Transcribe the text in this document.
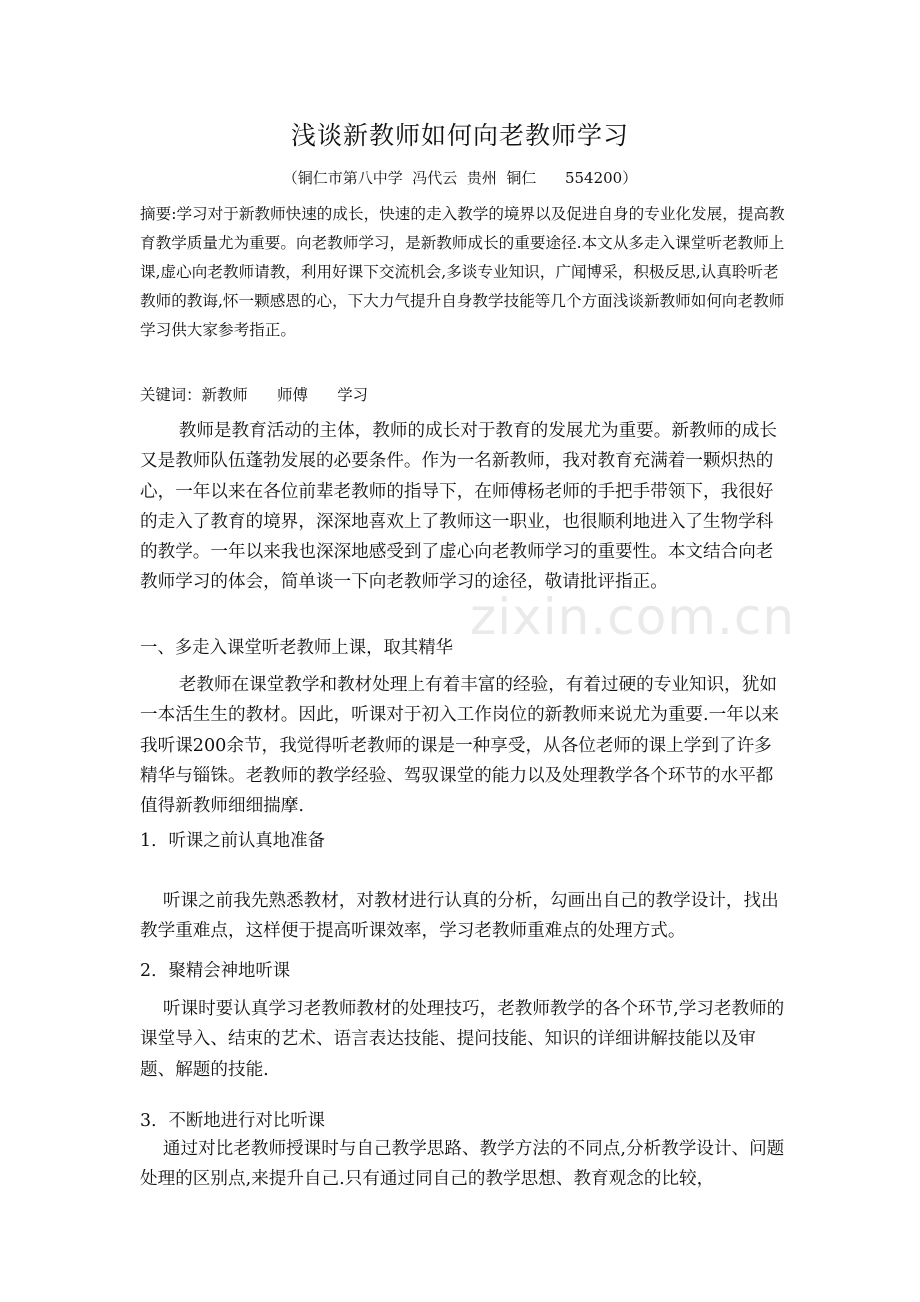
浅谈新教师如何向老教师学习
（铜仁市第八中学  冯代云  贵州  铜仁      554200）
摘要:学习对于新教师快速的成长，快速的走入教学的境界以及促进自身的专业化发展，提高教育教学质量尤为重要。向老教师学习，是新教师成长的重要途径.本文从多走入课堂听老教师上课,虚心向老教师请教，利用好课下交流机会,多谈专业知识，广闻博采，积极反思,认真聆听老教师的教诲,怀一颗感恩的心，下大力气提升自身教学技能等几个方面浅谈新教师如何向老教师学习供大家参考指正。
关键词：新教师      师傅      学习
教师是教育活动的主体，教师的成长对于教育的发展尤为重要。新教师的成长又是教师队伍蓬勃发展的必要条件。作为一名新教师，我对教育充满着一颗炽热的心，一年以来在各位前辈老教师的指导下，在师傅杨老师的手把手带领下，我很好的走入了教育的境界，深深地喜欢上了教师这一职业，也很顺利地进入了生物学科的教学。一年以来我也深深地感受到了虚心向老教师学习的重要性。本文结合向老教师学习的体会，简单谈一下向老教师学习的途径，敬请批评指正。
一、多走入课堂听老教师上课，取其精华
老教师在课堂教学和教材处理上有着丰富的经验，有着过硬的专业知识，犹如一本活生生的教材。因此，听课对于初入工作岗位的新教师来说尤为重要.一年以来我听课200余节，我觉得听老教师的课是一种享受，从各位老师的课上学到了许多精华与锱铢。老教师的教学经验、驾驭课堂的能力以及处理教学各个环节的水平都值得新教师细细揣摩.
1．听课之前认真地准备
听课之前我先熟悉教材，对教材进行认真的分析，勾画出自己的教学设计，找出教学重难点，这样便于提高听课效率，学习老教师重难点的处理方式。
2．聚精会神地听课
听课时要认真学习老教师教材的处理技巧，老教师教学的各个环节,学习老教师的课堂导入、结束的艺术、语言表达技能、提问技能、知识的详细讲解技能以及审题、解题的技能.
3．不断地进行对比听课
通过对比老教师授课时与自己教学思路、教学方法的不同点,分析教学设计、问题处理的区别点,来提升自己.只有通过同自己的教学思想、教育观念的比较，
zixin.com.cn
